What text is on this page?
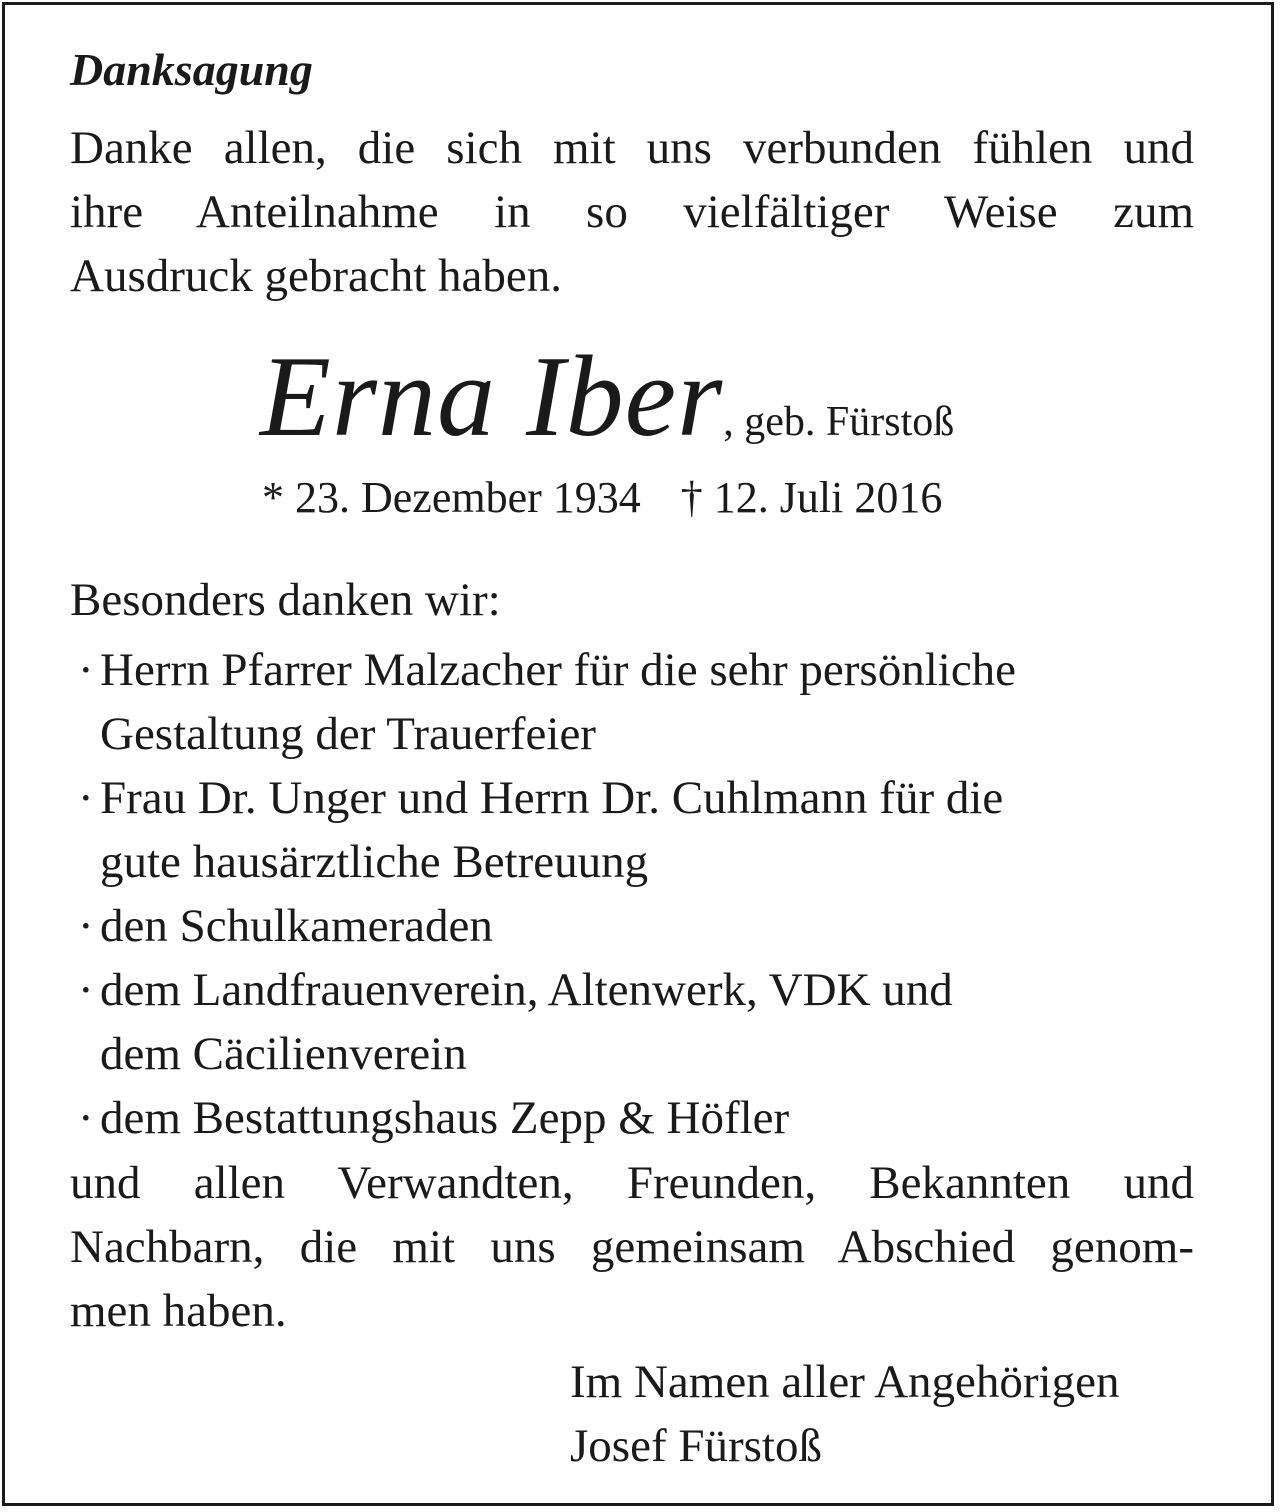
Danksagung
Danke allen, die sich mit uns verbunden fühlen und
ihre Anteilnahme in so vielfältiger Weise zum
Ausdruck gebracht haben.
Erna Iber, geb. Fürstoß
* 23. Dezember 1934 † 12. Juli 2016
Besonders danken wir:
· Herrn Pfarrer Malzacher für die sehr persönliche
Gestaltung der Trauerfeier
· Frau Dr. Unger und Herrn Dr. Cuhlmann für die
gute hausärztliche Betreuung
· den Schulkameraden
· dem Landfrauenverein, Altenwerk, VDK und
dem Cäcilienverein
· dem Bestattungshaus Zepp & Höfler
und allen Verwandten, Freunden, Bekannten und
Nachbarn, die mit uns gemeinsam Abschied genom-
men haben.
Im Namen aller Angehörigen
Josef Fürstoß
